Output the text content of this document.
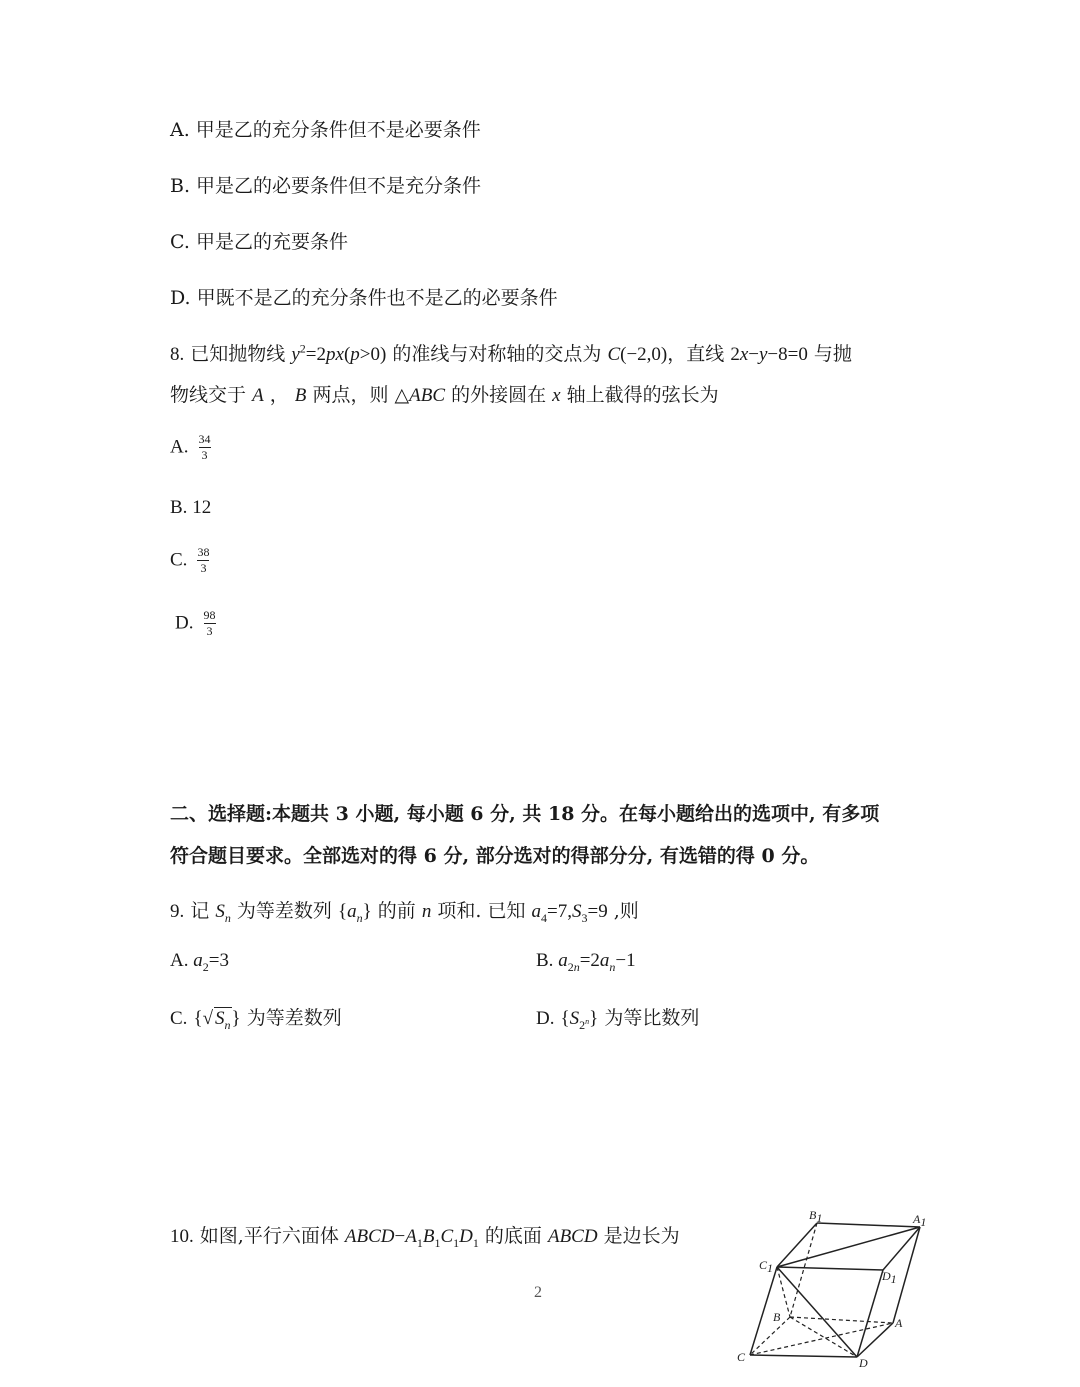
A. 甲是乙的充分条件但不是必要条件
B. 甲是乙的必要条件但不是充分条件
C. 甲是乙的充要条件
D. 甲既不是乙的充分条件也不是乙的必要条件
8. 已知抛物线 $y^2=2px(p>0)$ 的准线与对称轴的交点为 C(−2,0)，直线 2x−y−8=0 与抛
物线交于 A ， B 两点，则 △ABC 的外接圆在 x 轴上截得的弦长为
A. $\frac{34}{3}$
B. 12
C. $\frac{38}{3}$
D. $\frac{98}{3}$
二、选择题:本题共 3 小题, 每小题 6 分, 共 18 分。在每小题给出的选项中, 有多项
符合题目要求。全部选对的得 6 分, 部分选对的得部分分, 有选错的得 0 分。
9. 记 $S_n$ 为等差数列 $\{a_n\}$ 的前 n 项和. 已知 $a_4=7,S_3=9$ ,则
A. $a_2=3$	B. $a_{2n}=2a_n-1$
C. {√ $S_n$} 为等差数列	D. $\{S_{2^n}\}$ 为等比数列
10. 如图,平行六面体 $ABCD-A_1B_1C_1D_1$ 的底面 ABCD 是边长为
2
B1	A1
C1
D1
B	A
C	D
